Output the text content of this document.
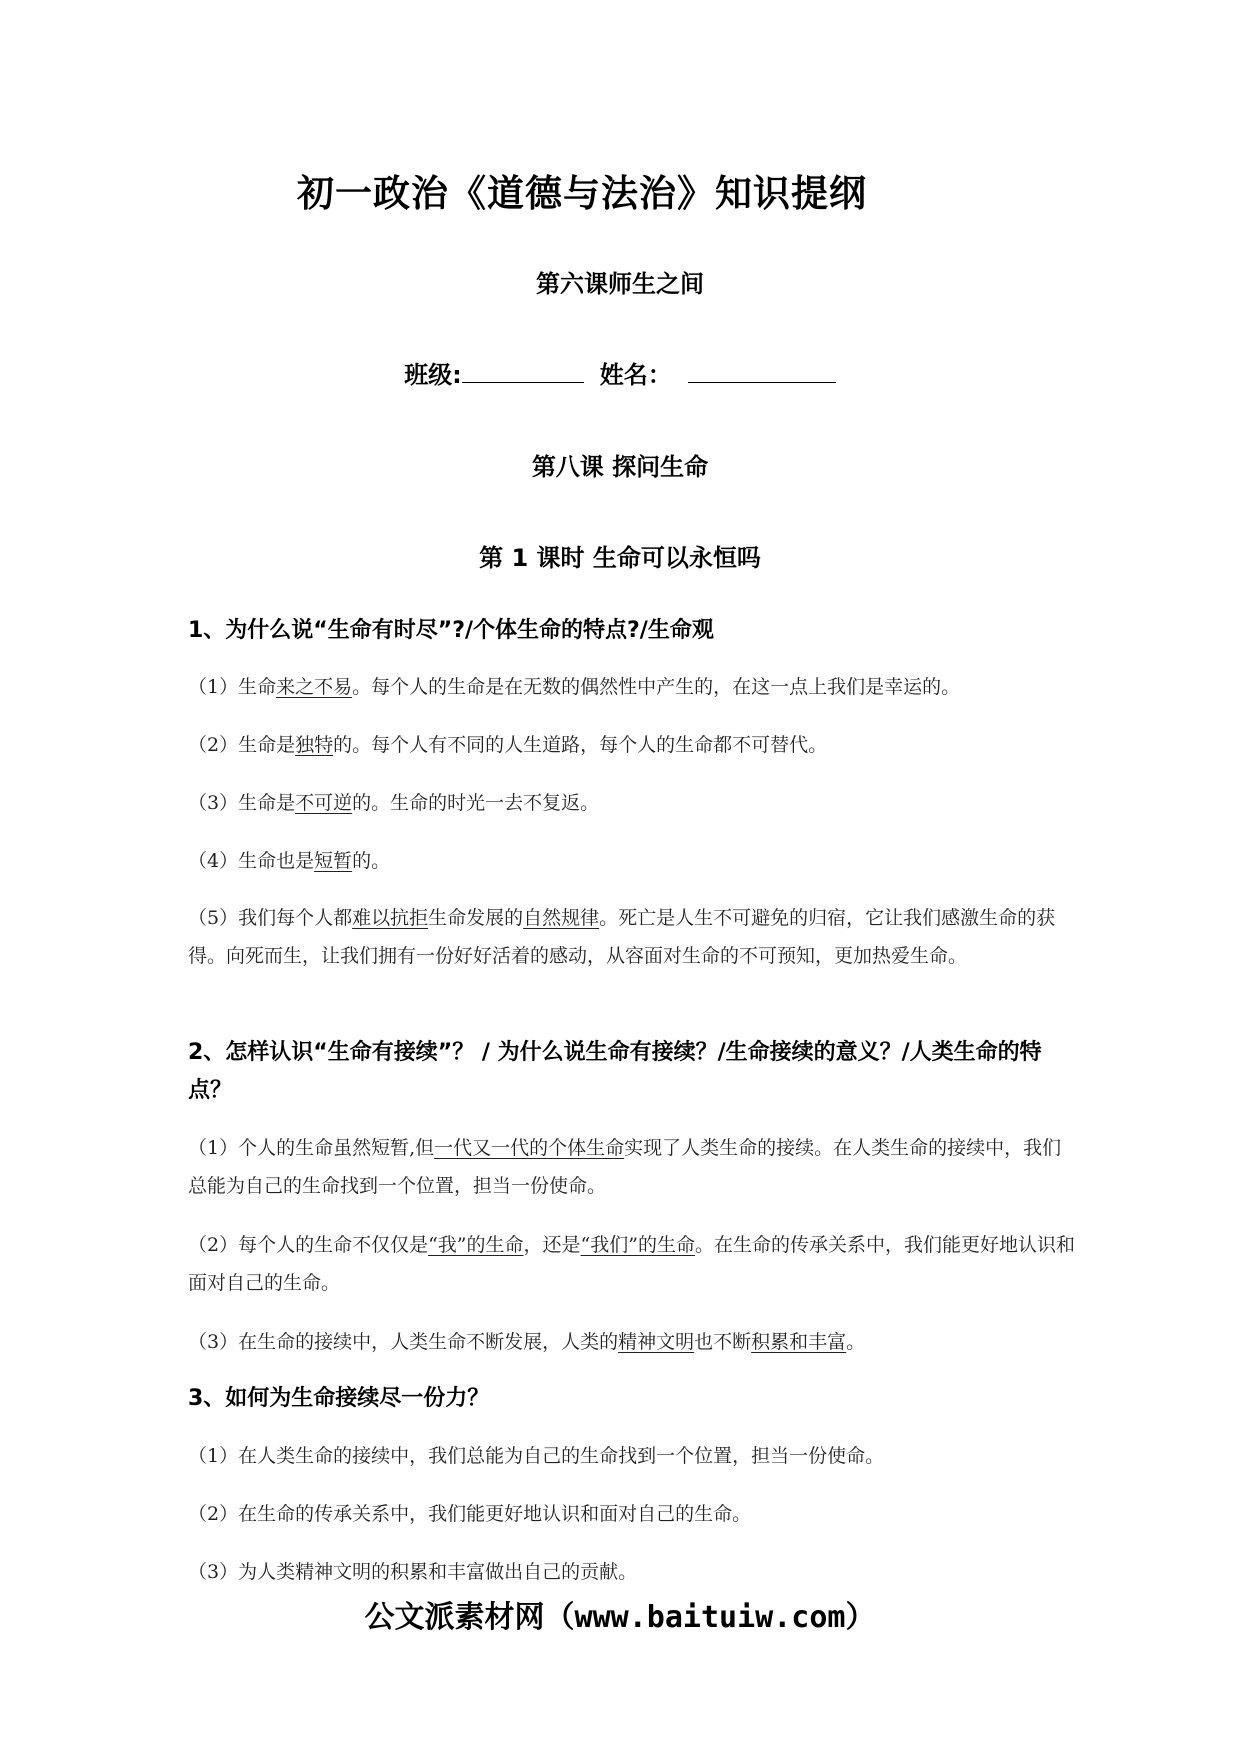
初一政治《道德与法治》知识提纲
第六课师生之间
班级:	姓名：
第八课 探问生命
第 1 课时 生命可以永恒吗
1、为什么说“生命有时尽”?/个体生命的特点?/生命观
（1）生命来之不易。每个人的生命是在无数的偶然性中产生的，在这一点上我们是幸运的。
（2）生命是独特的。每个人有不同的人生道路，每个人的生命都不可替代。
（3）生命是不可逆的。生命的时光一去不复返。
（4）生命也是短暂的。
（5）我们每个人都难以抗拒生命发展的自然规律。死亡是人生不可避免的归宿，它让我们感激生命的获得。向死而生，让我们拥有一份好好活着的感动，从容面对生命的不可预知，更加热爱生命。
2、怎样认识“生命有接续”？ / 为什么说生命有接续？/生命接续的意义？/人类生命的特点？
（1）个人的生命虽然短暂,但一代又一代的个体生命实现了人类生命的接续。在人类生命的接续中，我们总能为自己的生命找到一个位置，担当一份使命。
（2）每个人的生命不仅仅是“我”的生命，还是“我们”的生命。在生命的传承关系中，我们能更好地认识和面对自己的生命。
（3）在生命的接续中，人类生命不断发展，人类的精神文明也不断积累和丰富。
3、如何为生命接续尽一份力？
（1）在人类生命的接续中，我们总能为自己的生命找到一个位置，担当一份使命。
（2）在生命的传承关系中，我们能更好地认识和面对自己的生命。
（3）为人类精神文明的积累和丰富做出自己的贡献。
公文派素材网（www.baituiw.com）
